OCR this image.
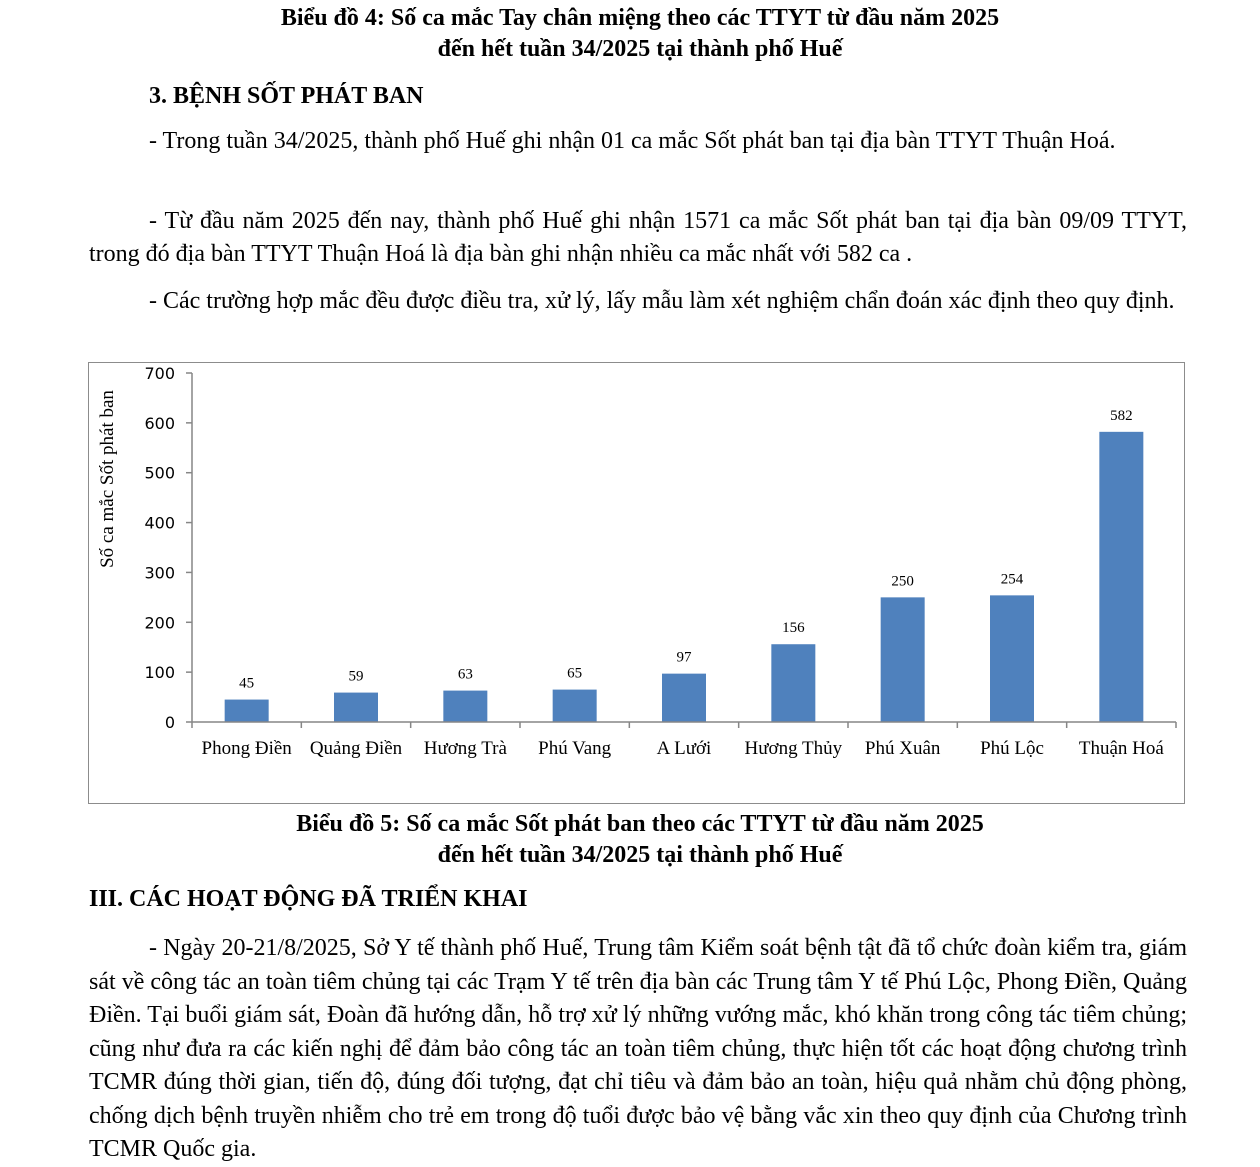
Biểu đồ 4: Số ca mắc Tay chân miệng theo các TTYT từ đầu năm 2025
đến hết tuần 34/2025 tại thành phố Huế
3. BỆNH SỐT PHÁT BAN
- Trong tuần 34/2025, thành phố Huế ghi nhận 01 ca mắc Sốt phát ban tại địa bàn TTYT Thuận Hoá.
- Từ đầu năm 2025 đến nay, thành phố Huế ghi nhận 1571 ca mắc Sốt phát ban tại địa bàn 09/09 TTYT, trong đó địa bàn TTYT Thuận Hoá là địa bàn ghi nhận nhiều ca mắc nhất với 582 ca .
- Các trường hợp mắc đều được điều tra, xử lý, lấy mẫu làm xét nghiệm chẩn đoán xác định theo quy định.
0
100
200
300
400
500
600
700
45	59	63	65
97
156
250	254
582
Phong Điền Quảng Điền Hương Trà Phú Vang A Lưới Hương Thủy Phú Xuân Phú Lộc Thuận Hoá
Số ca mắc Sốt phát ban
Biểu đồ 5: Số ca mắc Sốt phát ban theo các TTYT từ đầu năm 2025
đến hết tuần 34/2025 tại thành phố Huế
III. CÁC HOẠT ĐỘNG ĐÃ TRIỂN KHAI
- Ngày 20-21/8/2025, Sở Y tế thành phố Huế, Trung tâm Kiểm soát bệnh tật đã tổ chức đoàn kiểm tra, giám sát về công tác an toàn tiêm chủng tại các Trạm Y tế trên địa bàn các Trung tâm Y tế Phú Lộc, Phong Điền, Quảng Điền. Tại buổi giám sát, Đoàn đã hướng dẫn, hỗ trợ xử lý những vướng mắc, khó khăn trong công tác tiêm chủng; cũng như đưa ra các kiến nghị để đảm bảo công tác an toàn tiêm chủng, thực hiện tốt các hoạt động chương trình TCMR đúng thời gian, tiến độ, đúng đối tượng, đạt chỉ tiêu và đảm bảo an toàn, hiệu quả nhằm chủ động phòng, chống dịch bệnh truyền nhiễm cho trẻ em trong độ tuổi được bảo vệ bằng vắc xin theo quy định của Chương trình TCMR Quốc gia.
